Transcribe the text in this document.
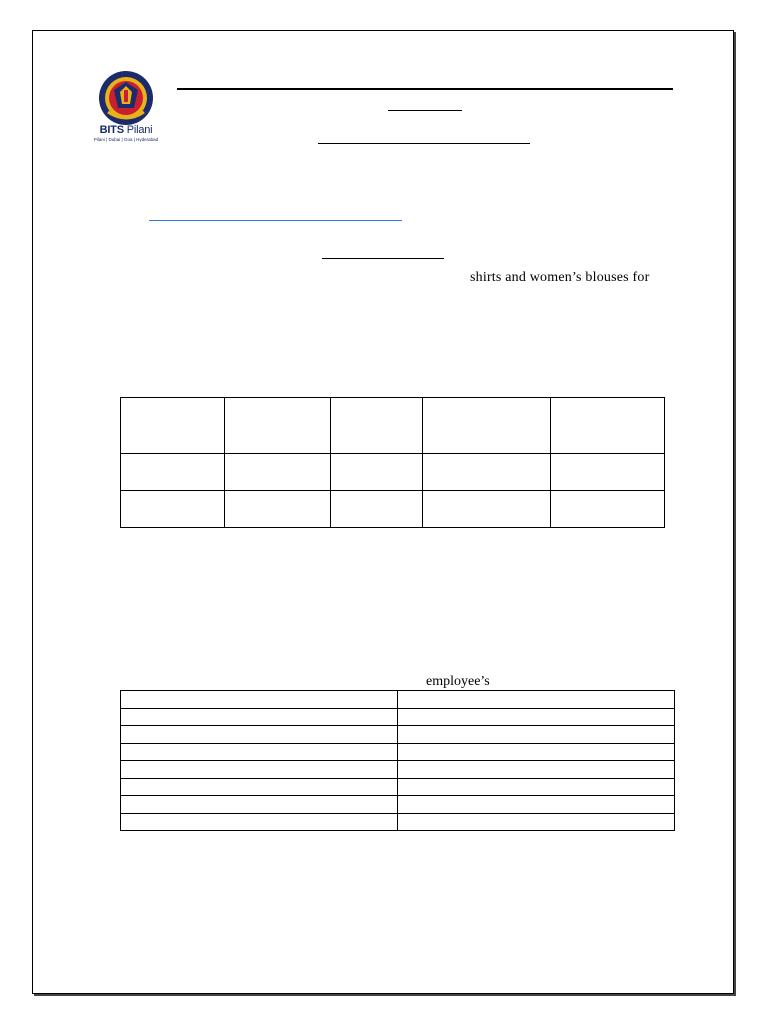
BITS Pilani
Pilani | Dubai | Goa | Hyderabad
shirts and women’s blouses for

employee’s
